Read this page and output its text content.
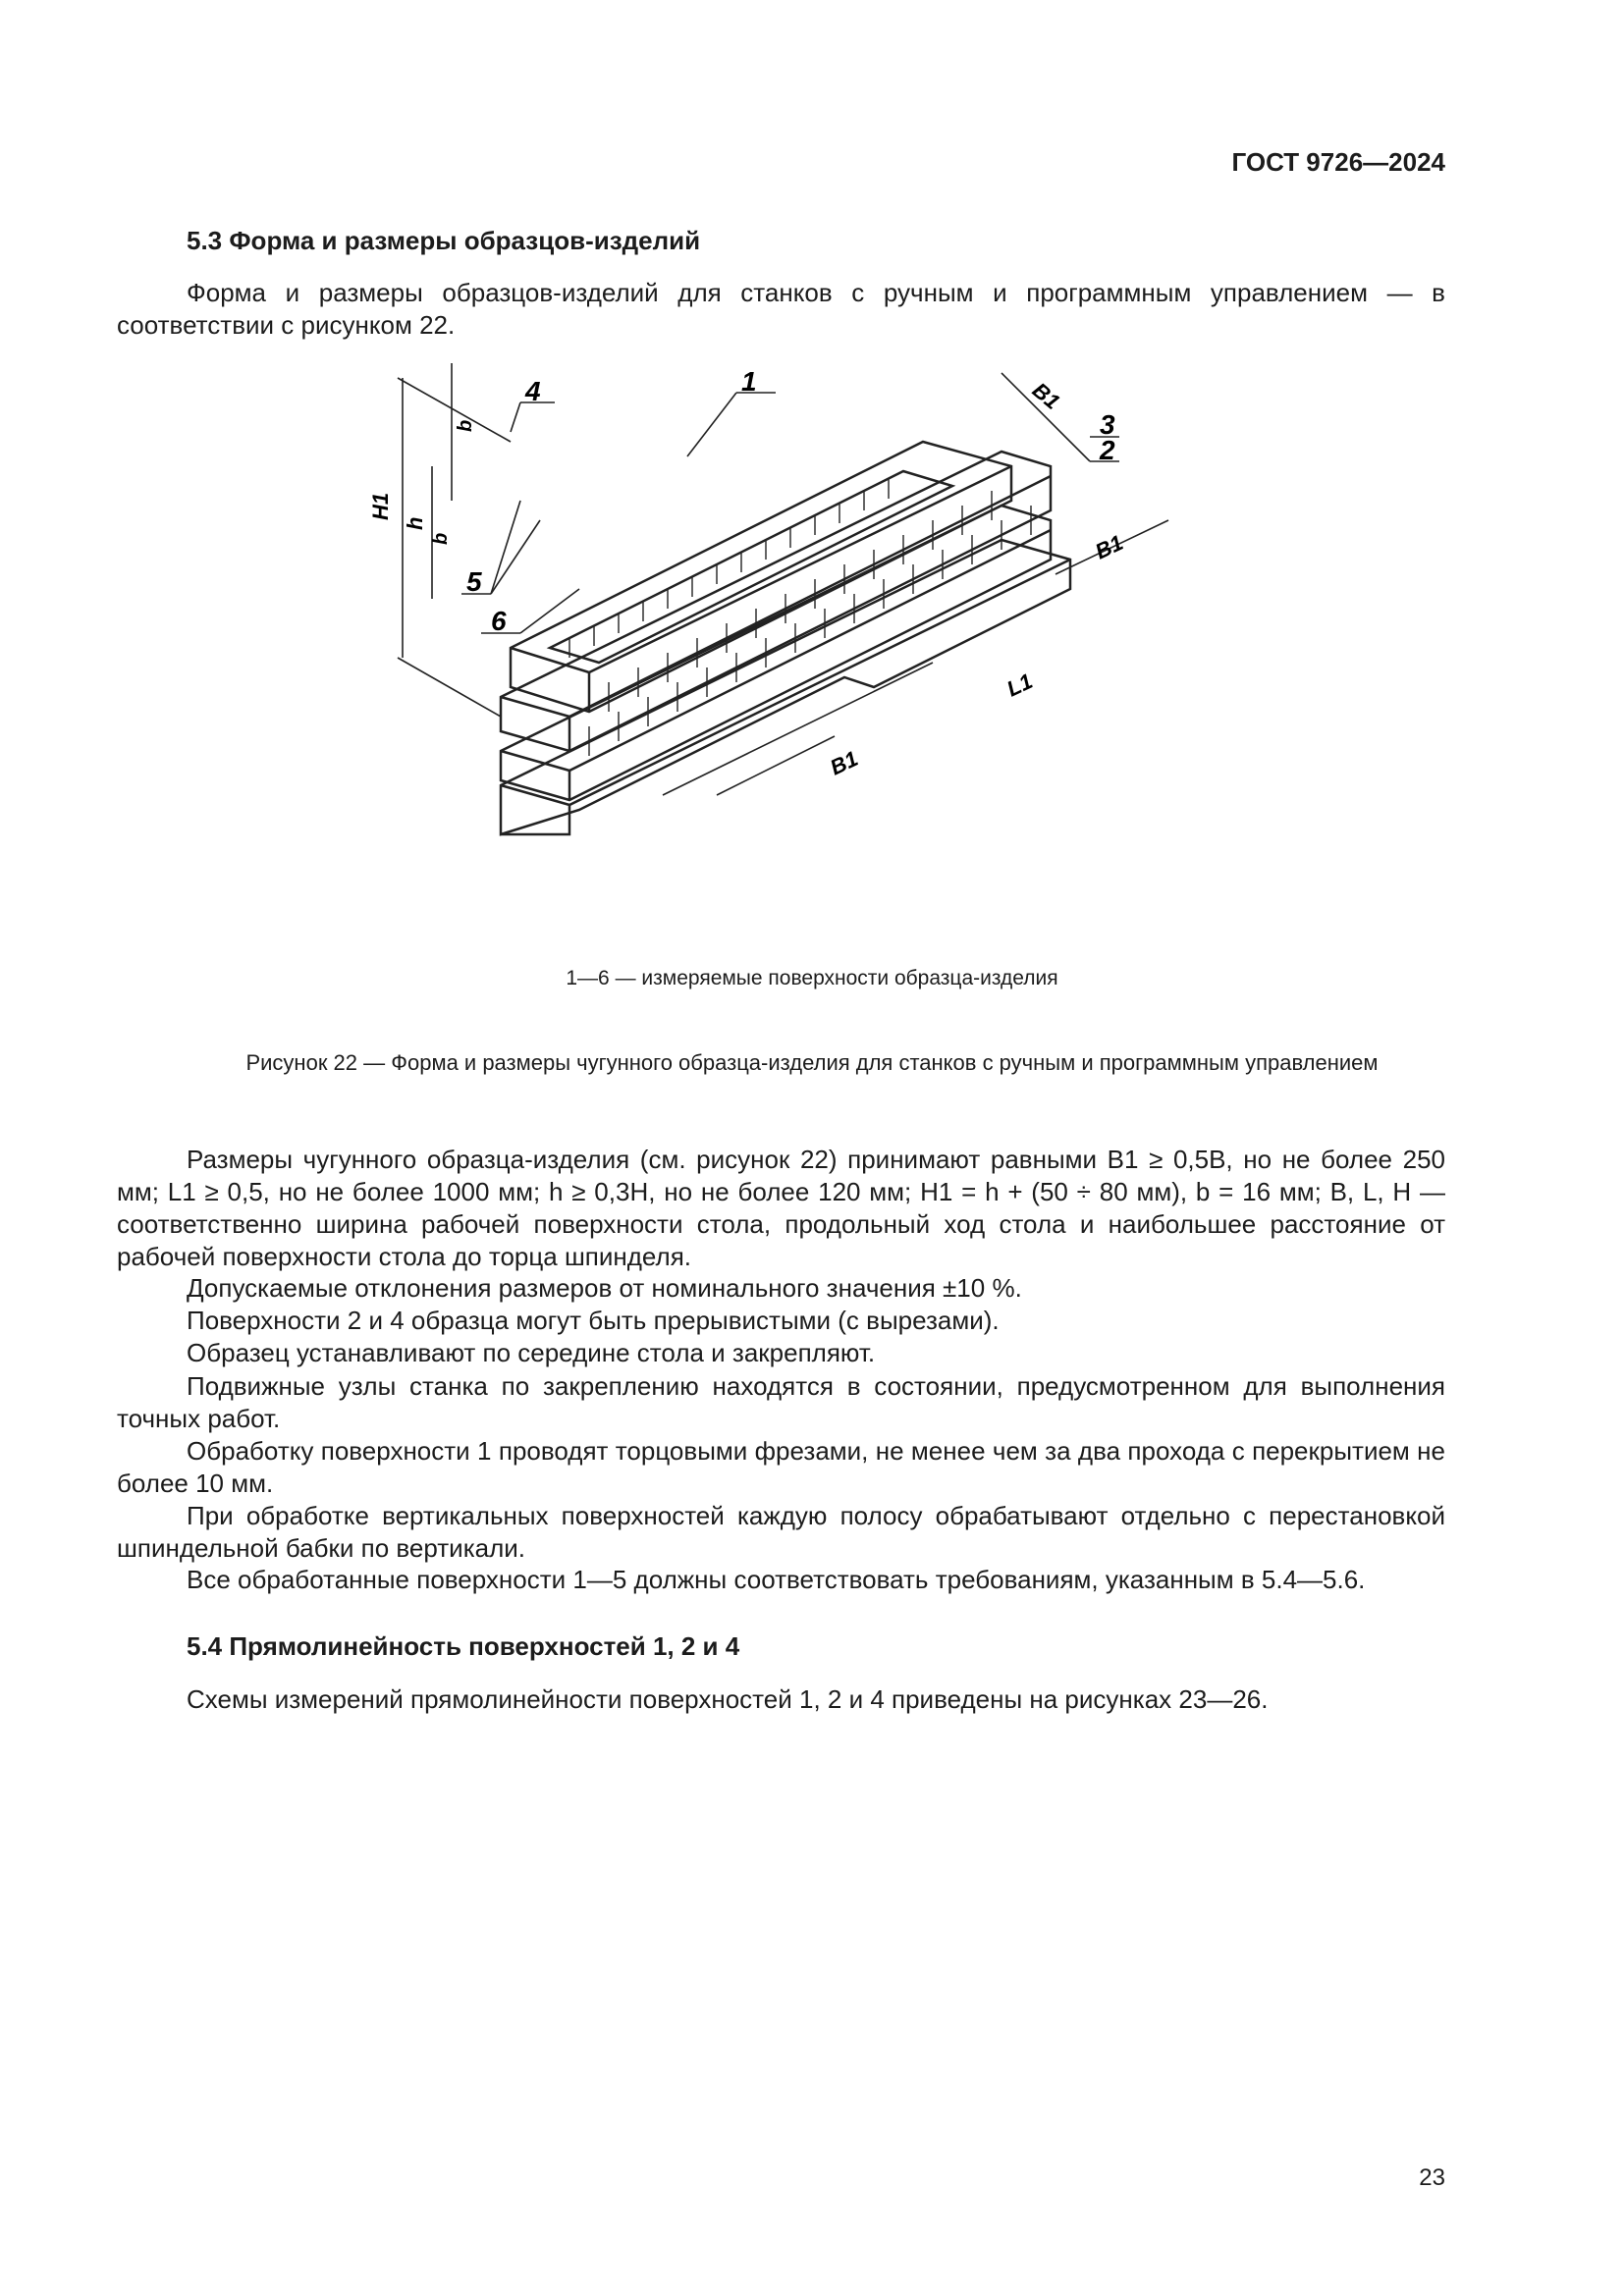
ГОСТ 9726—2024
5.3 Форма и размеры образцов-изделий
Форма и размеры образцов-изделий для станков с ручным и программным управлением — в соответствии с рисунком 22.
1
2
3
4
5
6
B1
B1
B1
L1
H1
h
b
b
1—6 — измеряемые поверхности образца-изделия
Рисунок 22 — Форма и размеры чугунного образца-изделия для станков с ручным и программным управлением
Размеры чугунного образца-изделия (см. рисунок 22) принимают равными B1 ≥ 0,5B, но не более 250 мм; L1 ≥ 0,5, но не более 1000 мм; h ≥ 0,3H, но не более 120 мм; H1 = h + (50 ÷ 80 мм), b = 16 мм; B, L, H — соответственно ширина рабочей поверхности стола, продольный ход стола и наибольшее расстояние от рабочей поверхности стола до торца шпинделя.
Допускаемые отклонения размеров от номинального значения ±10 %.
Поверхности 2 и 4 образца могут быть прерывистыми (с вырезами).
Образец устанавливают по середине стола и закрепляют.
Подвижные узлы станка по закреплению находятся в состоянии, предусмотренном для выполнения точных работ.
Обработку поверхности 1 проводят торцовыми фрезами, не менее чем за два прохода с перекрытием не более 10 мм.
При обработке вертикальных поверхностей каждую полосу обрабатывают отдельно с перестановкой шпиндельной бабки по вертикали.
Все обработанные поверхности 1—5 должны соответствовать требованиям, указанным в 5.4—5.6.
5.4 Прямолинейность поверхностей 1, 2 и 4
Схемы измерений прямолинейности поверхностей 1, 2 и 4 приведены на рисунках 23—26.
23
